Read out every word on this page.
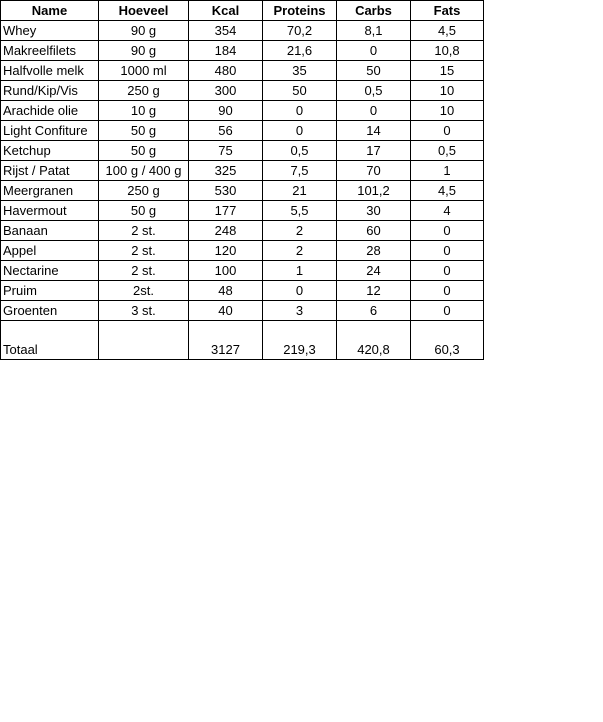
Name	Hoeveel	Kcal	Proteins	Carbs	Fats
Whey	90 g	354	70,2	8,1	4,5
Makreelfilets	90 g	184	21,6	0	10,8
Halfvolle melk	1000 ml	480	35	50	15
Rund/Kip/Vis	250 g	300	50	0,5	10
Arachide olie	10 g	90	0	0	10
Light Confiture	50 g	56	0	14	0
Ketchup	50 g	75	0,5	17	0,5
Rijst / Patat	100 g / 400 g	325	7,5	70	1
Meergranen	250 g	530	21	101,2	4,5
Havermout	50 g	177	5,5	30	4
Banaan	2 st.	248	2	60	0
Appel	2 st.	120	2	28	0
Nectarine	2 st.	100	1	24	0
Pruim	2st.	48	0	12	0
Groenten	3 st.	40	3	6	0

Totaal		3127	219,3	420,8	60,3
